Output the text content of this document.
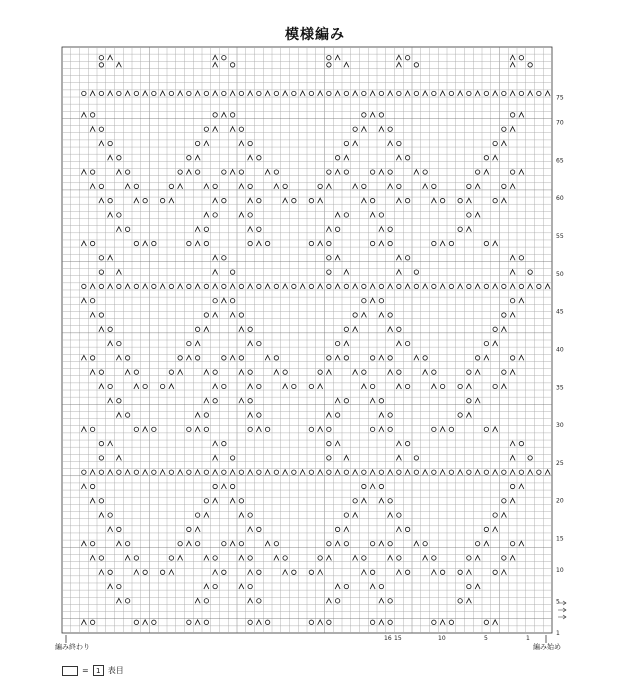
模様編み
75
70
65
60
55
50
45
40
35
30
25
20
15
10
5
1
16 15	10	5	1
編み終わり	編み始め
=	1 表目
